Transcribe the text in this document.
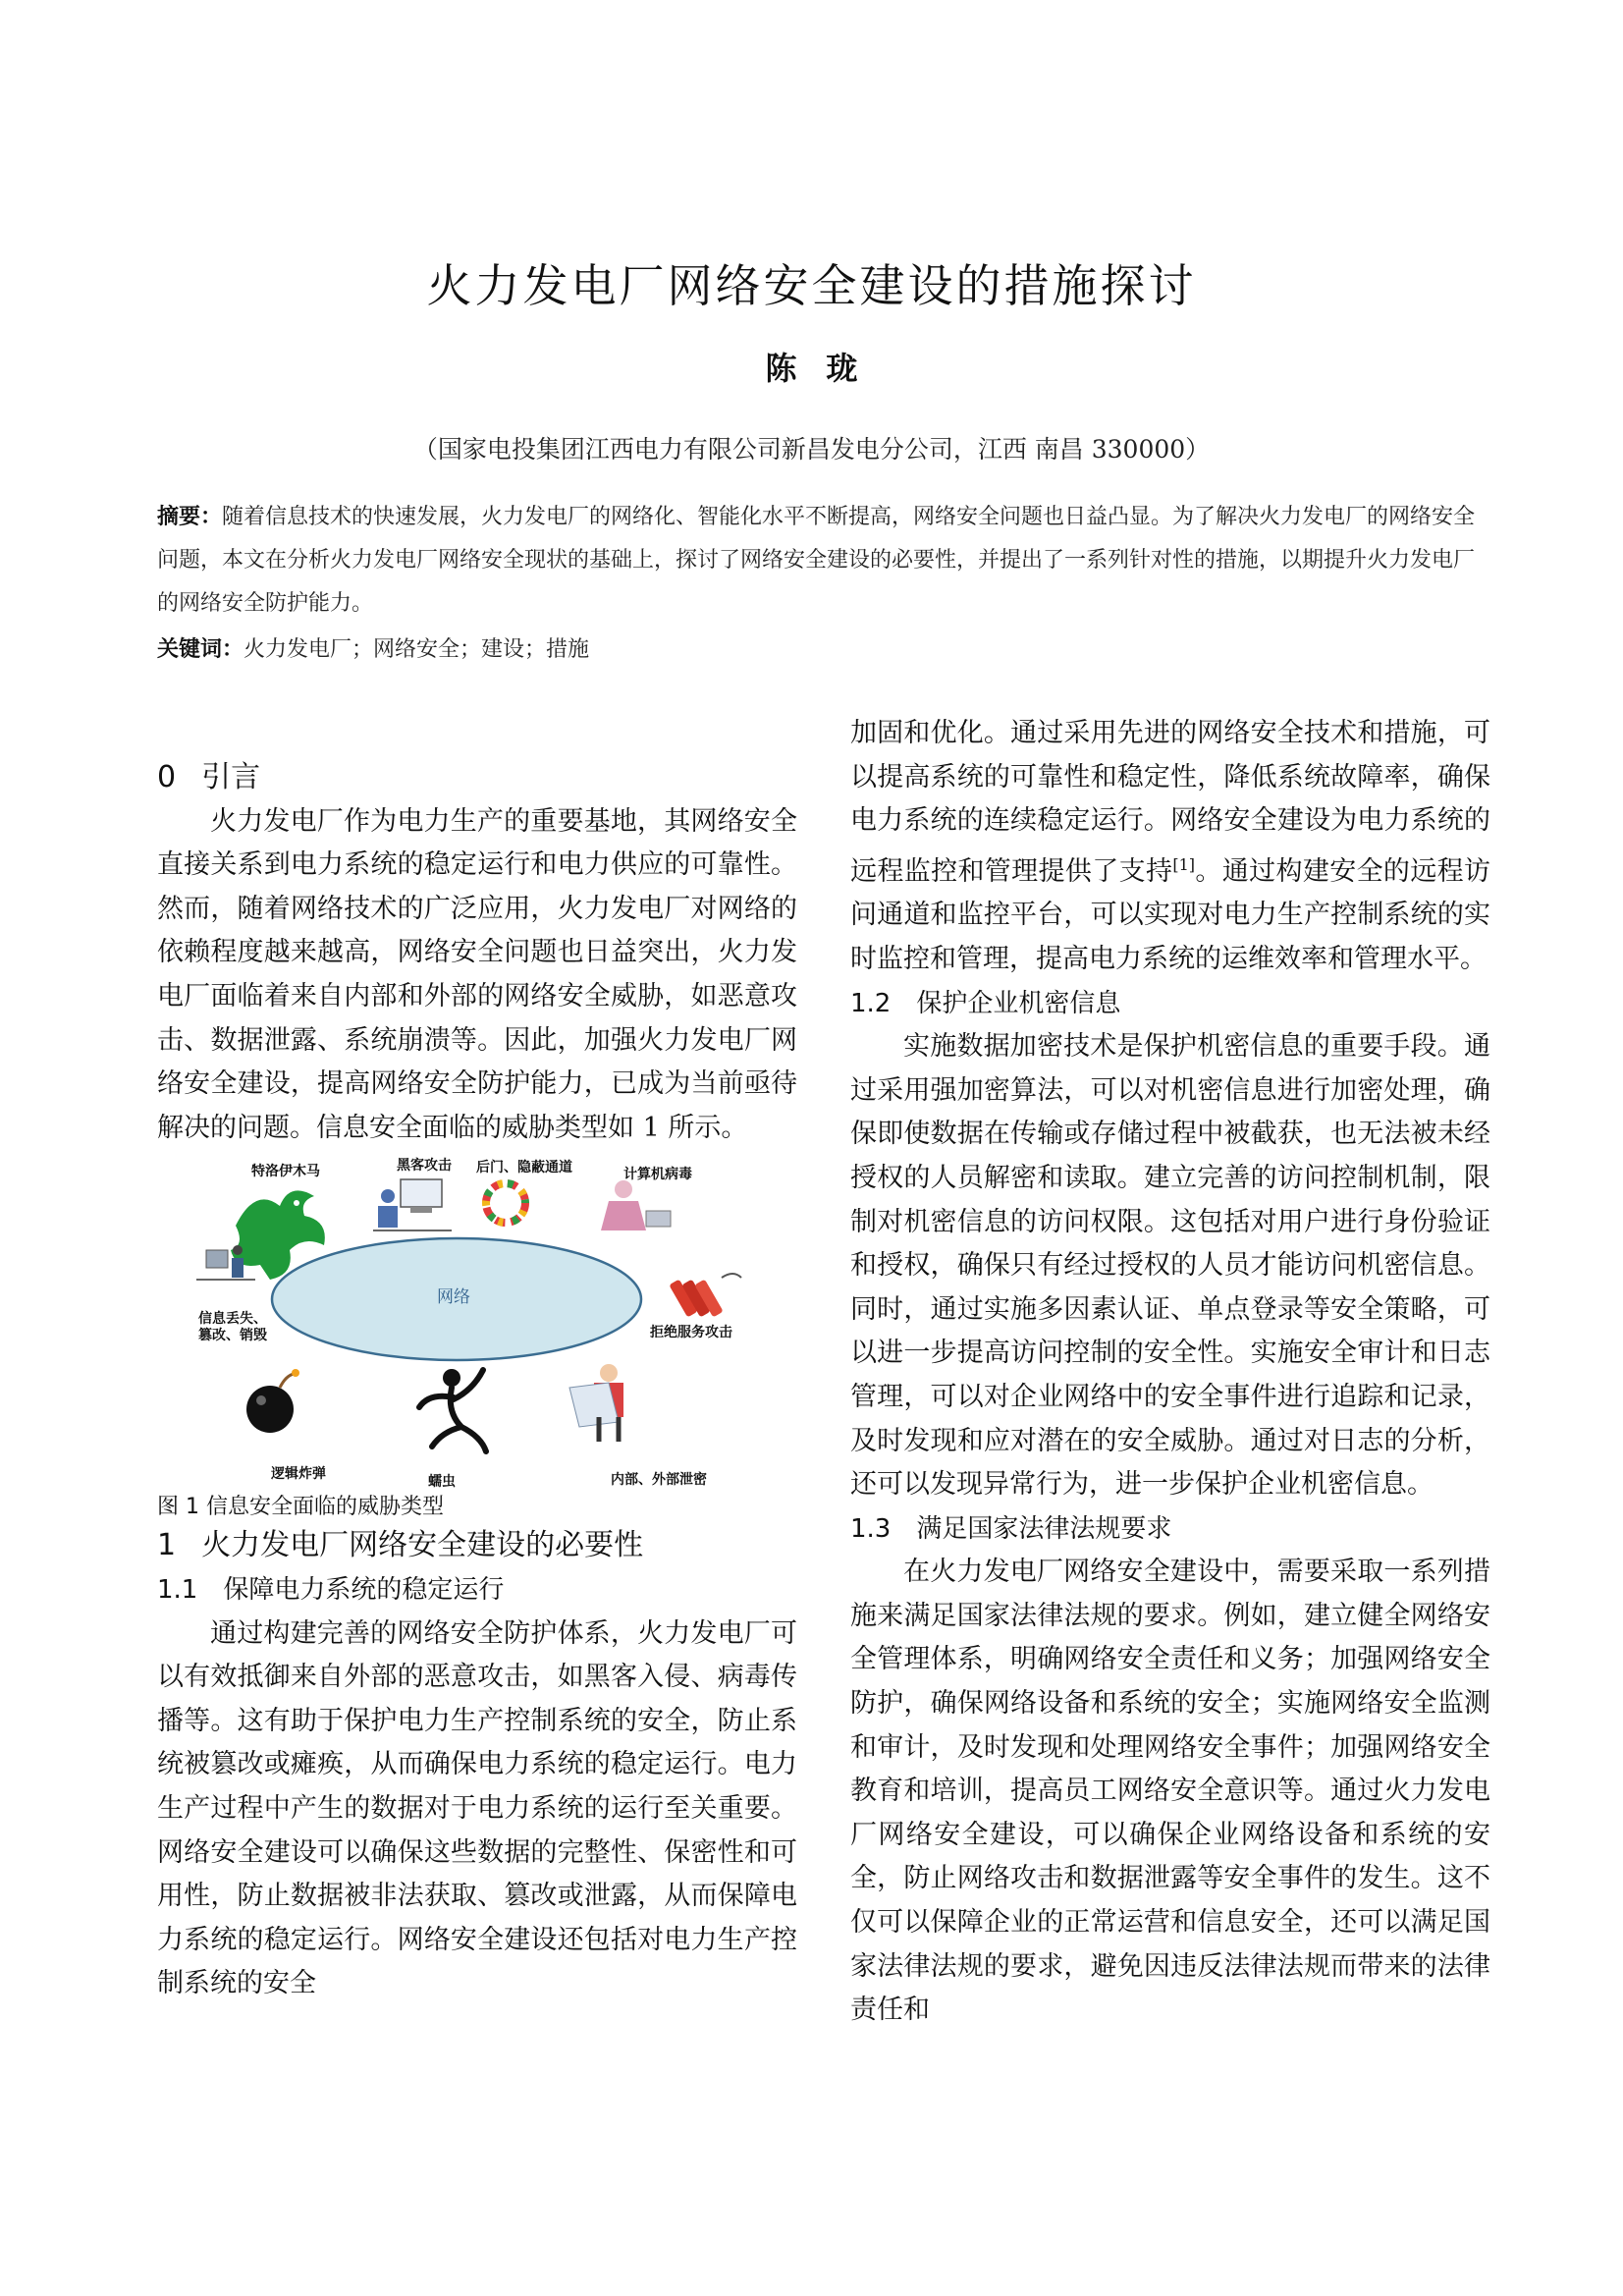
火力发电厂网络安全建设的措施探讨
陈珑
（国家电投集团江西电力有限公司新昌发电分公司，江西 南昌 330000）
摘要：随着信息技术的快速发展，火力发电厂的网络化、智能化水平不断提高，网络安全问题也日益凸显。为了解决火力发电厂的网络安全问题，本文在分析火力发电厂网络安全现状的基础上，探讨了网络安全建设的必要性，并提出了一系列针对性的措施，以期提升火力发电厂的网络安全防护能力。
关键词：火力发电厂；网络安全；建设；措施

0 引言

火力发电厂作为电力生产的重要基地，其网络安全直接关系到电力系统的稳定运行和电力供应的可靠性。然而，随着网络技术的广泛应用，火力发电厂对网络的依赖程度越来越高，网络安全问题也日益突出，火力发电厂面临着来自内部和外部的网络安全威胁，如恶意攻击、数据泄露、系统崩溃等。因此，加强火力发电厂网络安全建设，提高网络安全防护能力，已成为当前亟待解决的问题。信息安全面临的威胁类型如 1 所示。

特洛伊木马	黑客攻击 后门、隐蔽通道	计算机病毒
网络
信息丢失、
篡改、销毁	拒绝服务攻击
逻辑炸弹	蠕虫	内部、外部泄密

图 1 信息安全面临的威胁类型

1 火力发电厂网络安全建设的必要性

1.1 保障电力系统的稳定运行

通过构建完善的网络安全防护体系，火力发电厂可以有效抵御来自外部的恶意攻击，如黑客入侵、病毒传播等。这有助于保护电力生产控制系统的安全，防止系统被篡改或瘫痪，从而确保电力系统的稳定运行。电力生产过程中产生的数据对于电力系统的运行至关重要。网络安全建设可以确保这些数据的完整性、保密性和可用性，防止数据被非法获取、篡改或泄露，从而保障电力系统的稳定运行。网络安全建设还包括对电力生产控制系统的安全

加固和优化。通过采用先进的网络安全技术和措施，可以提高系统的可靠性和稳定性，降低系统故障率，确保电力系统的连续稳定运行。网络安全建设为电力系统的远程监控和管理提供了支持[1]。通过构建安全的远程访问通道和监控平台，可以实现对电力生产控制系统的实时监控和管理，提高电力系统的运维效率和管理水平。

1.2 保护企业机密信息

实施数据加密技术是保护机密信息的重要手段。通过采用强加密算法，可以对机密信息进行加密处理，确保即使数据在传输或存储过程中被截获，也无法被未经授权的人员解密和读取。建立完善的访问控制机制，限制对机密信息的访问权限。这包括对用户进行身份验证和授权，确保只有经过授权的人员才能访问机密信息。同时，通过实施多因素认证、单点登录等安全策略，可以进一步提高访问控制的安全性。实施安全审计和日志管理，可以对企业网络中的安全事件进行追踪和记录，及时发现和应对潜在的安全威胁。通过对日志的分析，还可以发现异常行为，进一步保护企业机密信息。

1.3 满足国家法律法规要求

在火力发电厂网络安全建设中，需要采取一系列措施来满足国家法律法规的要求。例如，建立健全网络安全管理体系，明确网络安全责任和义务；加强网络安全防护，确保网络设备和系统的安全；实施网络安全监测和审计，及时发现和处理网络安全事件；加强网络安全教育和培训，提高员工网络安全意识等。通过火力发电厂网络安全建设，可以确保企业网络设备和系统的安全，防止网络攻击和数据泄露等安全事件的发生。这不仅可以保障企业的正常运营和信息安全，还可以满足国家法律法规的要求，避免因违反法律法规而带来的法律责任和
